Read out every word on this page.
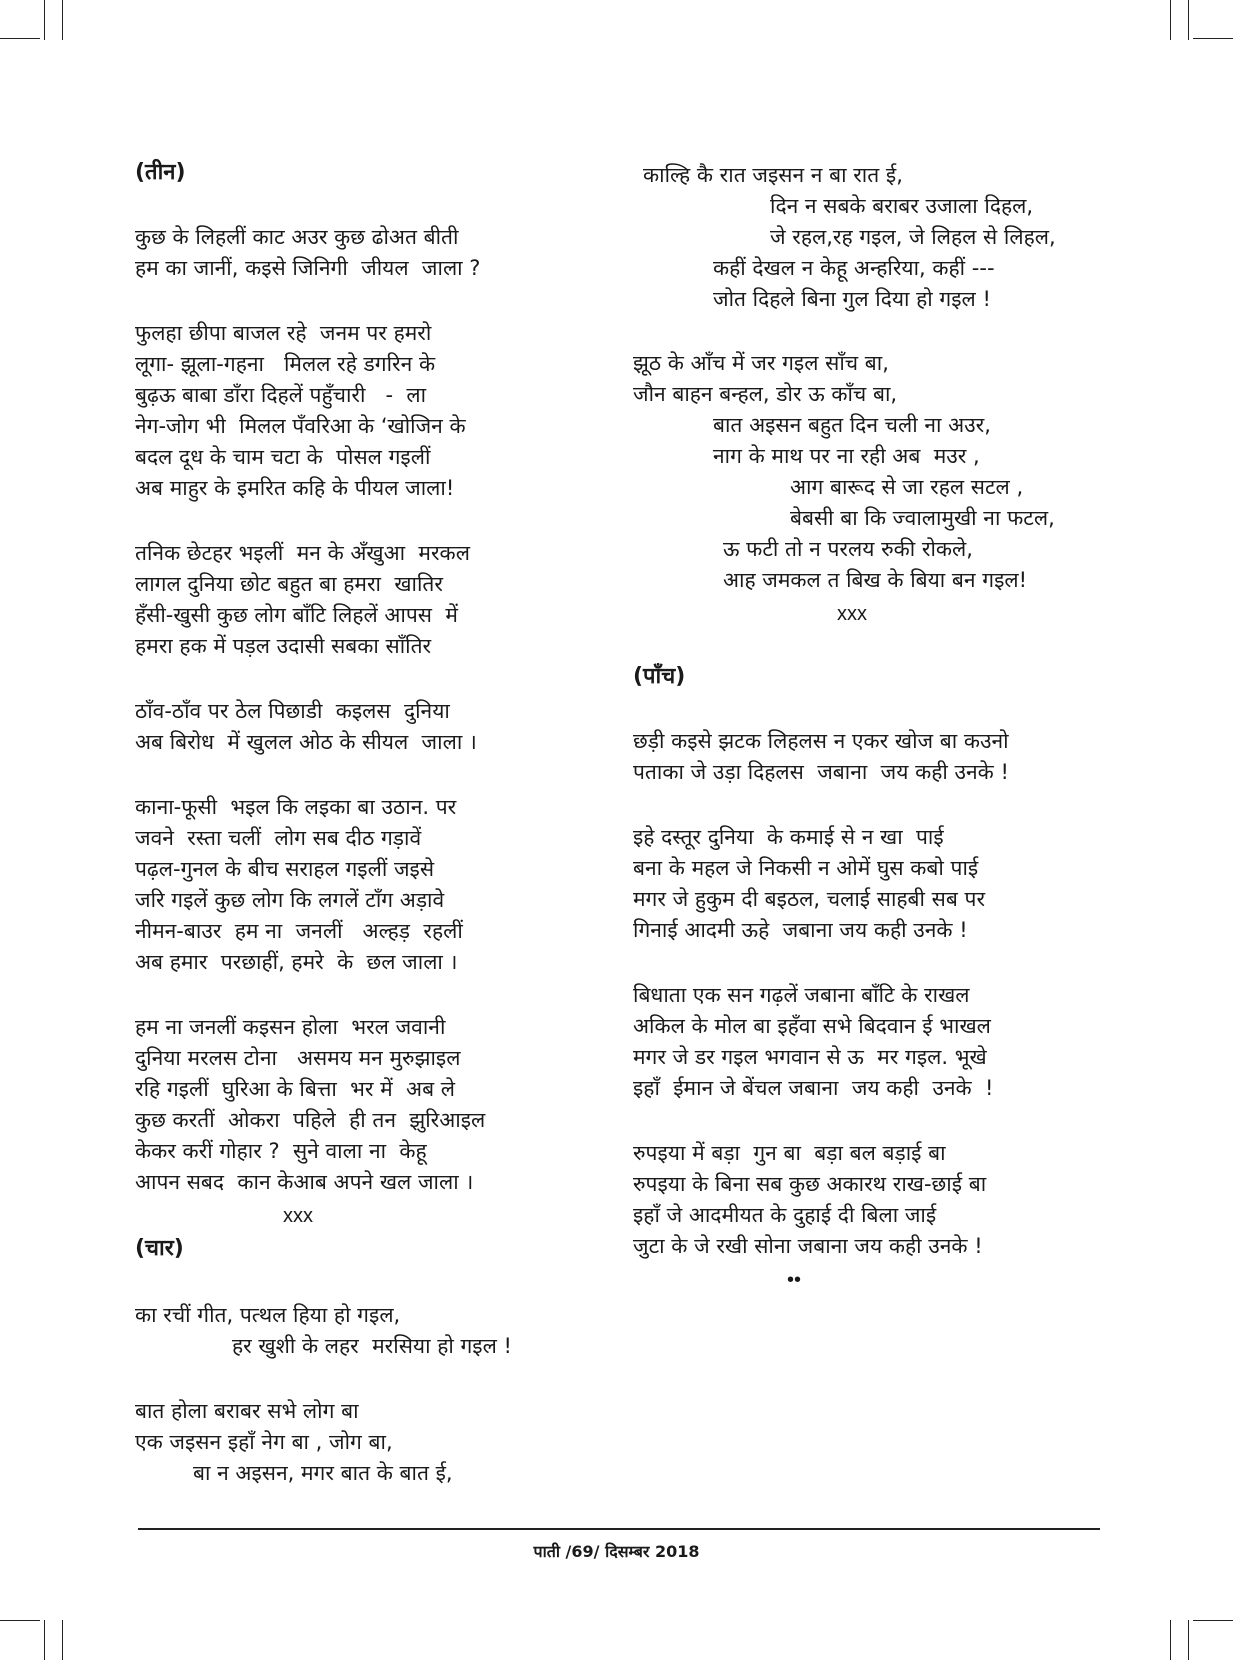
(तीन)
कुछ के लिहलीं काट अउर कुछ ढोअत बीती
हम का जानीं, कइसे जिनिगी  जीयल  जाला ?
फुलहा छीपा बाजल रहे  जनम पर हमरो
लूगा- झूला-गहना   मिलल रहे डगरिन के
बुढ़ऊ बाबा डाँरा दिहलें पहुँचारी   -  ला
नेग-जोग भी  मिलल पँवरिआ के ‘खोजिन के
बदल दूध के चाम चटा के  पोसल गइलीं
अब माहुर के इमरित कहि के पीयल जाला!
तनिक छेटहर भइलीं  मन के अँखुआ  मरकल
लागल दुनिया छोट बहुत बा हमरा  खातिर
हँसी-खुसी कुछ लोग बाँटि लिहलें आपस  में
हमरा हक में पड़ल उदासी सबका साँतिर
ठाँव-ठाँव पर ठेल पिछाडी  कइलस  दुनिया
अब बिरोध  में खुलल ओठ के सीयल  जाला ।
काना-फूसी  भइल कि लइका बा उठान. पर
जवने  रस्ता चलीं  लोग सब दीठ गड़ावें
पढ़ल-गुनल के बीच सराहल गइलीं जइसे
जरि गइलें कुछ लोग कि लगलें टाँग अड़ावे
नीमन-बाउर  हम ना  जनलीं   अल्हड़  रहलीं
अब हमार  परछाहीं, हमरे  के  छल जाला ।
हम ना जनलीं कइसन होला  भरल जवानी
दुनिया मरलस टोना   असमय मन मुरुझाइल
रहि गइलीं  घुरिआ के बित्ता  भर में  अब ले
कुछ करतीं  ओकरा  पहिले  ही तन  झुरिआइल
केकर करीं गोहार ?  सुने वाला ना  केहू
आपन सबद  कान केआब अपने खल जाला ।
xxx
(चार)
का रचीं गीत, पत्थल हिया हो गइल,
हर खुशी के लहर  मरसिया हो गइल !
बात होला बराबर सभे लोग बा
एक जइसन इहाँ नेग बा , जोग बा,
बा न अइसन, मगर बात के बात ई,
काल्हि कै रात जइसन न बा रात ई,
दिन न सबके बराबर उजाला दिहल,
जे रहल,रह गइल, जे लिहल से लिहल,
कहीं देखल न केहू अन्हरिया, कहीं ---
जोत दिहले बिना गुल दिया हो गइल !
झूठ के आँच में जर गइल साँच बा,
जौन बाहन बन्हल, डोर ऊ काँच बा,
बात अइसन बहुत दिन चली ना अउर,
नाग के माथ पर ना रही अब  मउर ,
आग बारूद से जा रहल सटल ,
बेबसी बा कि ज्वालामुखी ना फटल,
ऊ फटी तो न परलय रुकी रोकले,
आह जमकल त बिख के बिया बन गइल!
xxx
(पाँच)
छड़ी कइसे झटक लिहलस न एकर खोज बा कउनो
पताका जे उड़ा दिहलस  जबाना  जय कही उनके !
इहे दस्तूर दुनिया  के कमाई से न खा  पाई
बना के महल जे निकसी न ओमें घुस कबो पाई
मगर जे हुकुम दी बइठल, चलाई साहबी सब पर
गिनाई आदमी ऊहे  जबाना जय कही उनके !
बिधाता एक सन गढ़लें जबाना बाँटि के राखल
अकिल के मोल बा इहँवा सभे बिदवान ई भाखल
मगर जे डर गइल भगवान से ऊ  मर गइल. भूखे
इहाँ  ईमान जे बेंचल जबाना  जय कही  उनके  !
रुपइया में बड़ा  गुन बा  बड़ा बल बड़ाई बा
रुपइया के बिना सब कुछ अकारथ राख-छाई बा
इहाँ जे आदमीयत के दुहाई दी बिला जाई
जुटा के जे रखी सोना जबाना जय कही उनके !
••
पाती /69/ दिसम्बर 2018
